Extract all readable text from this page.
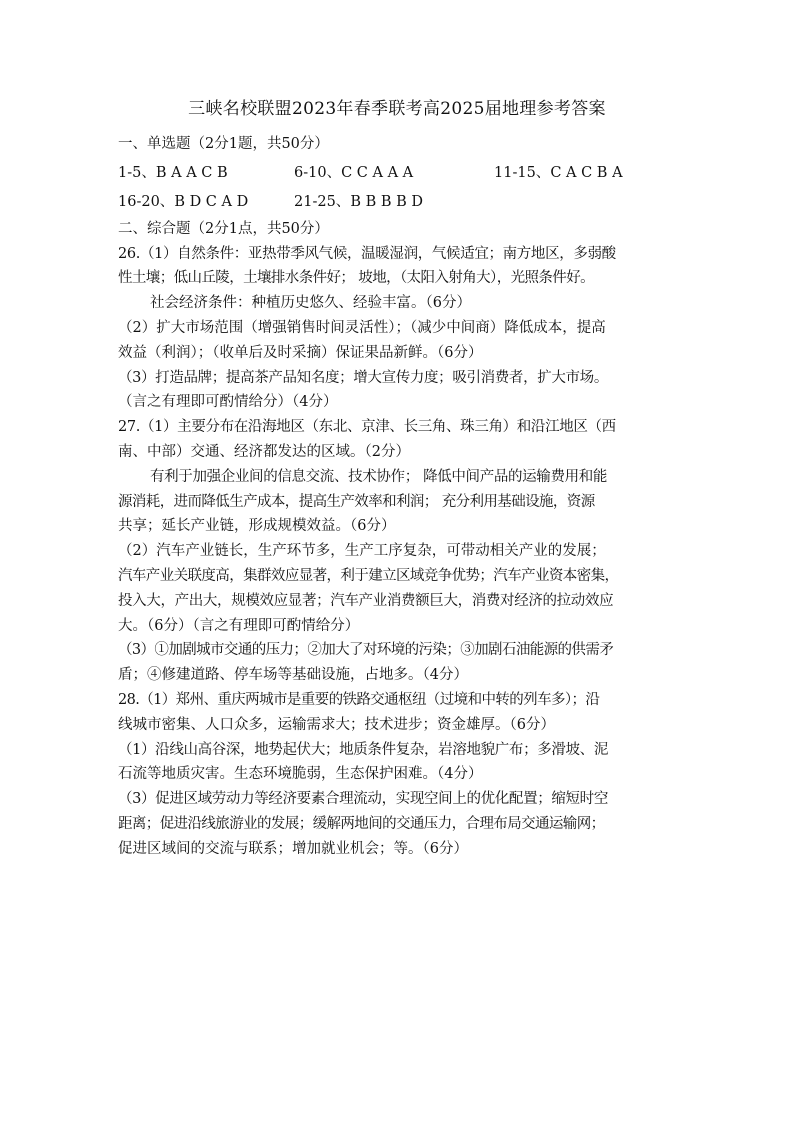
三峡名校联盟2023年春季联考高2025届地理参考答案
一、单选题（2分1题，共50分）
1-5、B A A C B	6-10、C C A A A	11-15、C A C B A
16-20、B D C A D	21-25、B B B B D
二、综合题（2分1点，共50分）
26.（1）自然条件：亚热带季风气候，温暖湿润，气候适宜；南方地区，多弱酸
性土壤；低山丘陵，土壤排水条件好； 坡地，（太阳入射角大），光照条件好。
社会经济条件：种植历史悠久、经验丰富。（6分）
（2）扩大市场范围（增强销售时间灵活性）；（减少中间商）降低成本，提高
效益（利润）；（收单后及时采摘）保证果品新鲜。（6分）
（3）打造品牌；提高茶产品知名度；增大宣传力度；吸引消费者，扩大市场。
（言之有理即可酌情给分）（4分）
27.（1）主要分布在沿海地区（东北、京津、长三角、珠三角）和沿江地区（西
南、中部）交通、经济都发达的区域。（2分）
有利于加强企业间的信息交流、技术协作； 降低中间产品的运输费用和能
源消耗，进而降低生产成本，提高生产效率和利润； 充分利用基础设施，资源
共享；延长产业链，形成规模效益。（6分）
（2）汽车产业链长，生产环节多，生产工序复杂，可带动相关产业的发展；
汽车产业关联度高，集群效应显著，利于建立区域竞争优势；汽车产业资本密集，
投入大，产出大，规模效应显著；汽车产业消费额巨大，消费对经济的拉动效应
大。（6分）（言之有理即可酌情给分）
（3）①加剧城市交通的压力；②加大了对环境的污染；③加剧石油能源的供需矛
盾；④修建道路、停车场等基础设施，占地多。（4分）
28.（1）郑州、重庆两城市是重要的铁路交通枢纽（过境和中转的列车多）；沿
线城市密集、人口众多，运输需求大；技术进步；资金雄厚。（6分）
（1）沿线山高谷深，地势起伏大；地质条件复杂，岩溶地貌广布；多滑坡、泥
石流等地质灾害。生态环境脆弱，生态保护困难。（4分）
（3）促进区域劳动力等经济要素合理流动，实现空间上的优化配置；缩短时空
距离；促进沿线旅游业的发展；缓解两地间的交通压力，合理布局交通运输网；
促进区域间的交流与联系；增加就业机会；等。（6分）
